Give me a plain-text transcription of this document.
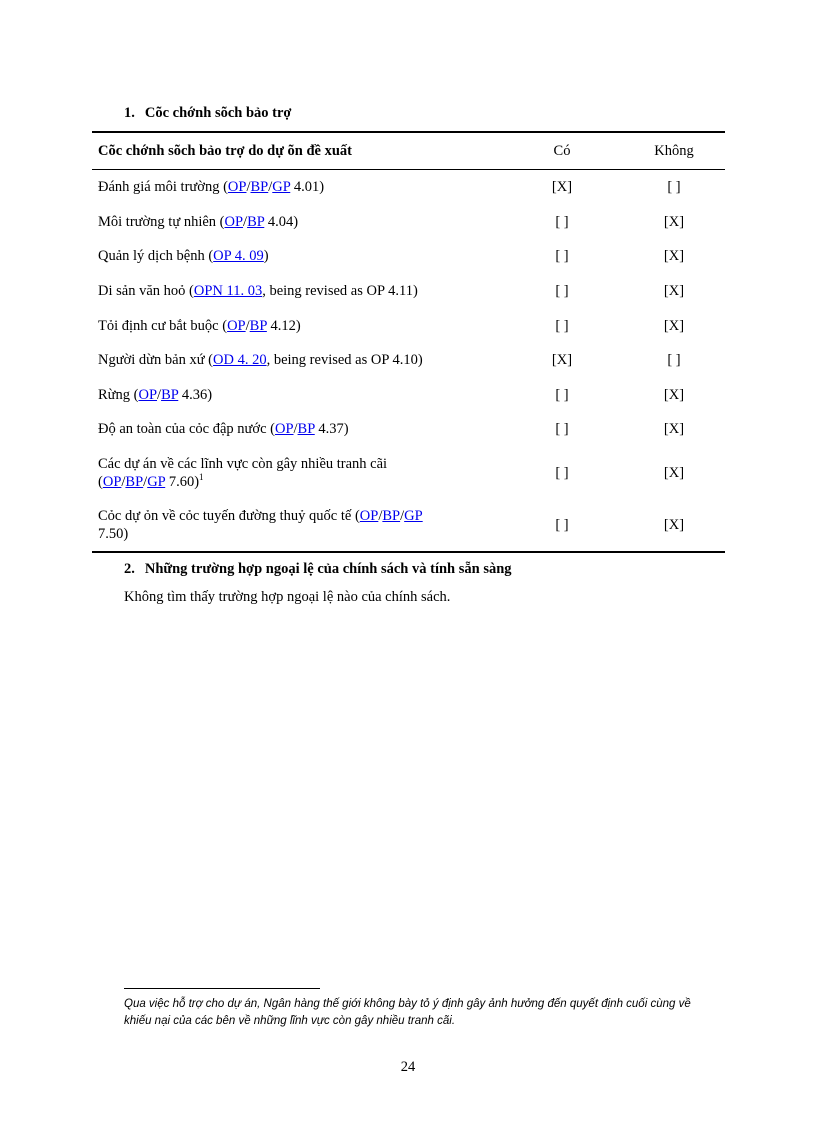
1. Cõc chớnh sõch bảo trợ
Cõc chớnh sõch bảo trợ do dự õn đề xuất	Có	Không
Đánh giá môi trường (OP/BP/GP 4.01)	[X]	[ ]
Môi trường tự nhiên (OP/BP 4.04)	[ ]	[X]
Quản lý dịch bệnh (OP 4. 09)	[ ]	[X]
Di sản văn hoỏ (OPN 11. 03, being revised as OP 4.11)	[ ]	[X]
Tỏi định cư bắt buộc (OP/BP 4.12)	[ ]	[X]
Người dừn bản xứ (OD 4. 20, being revised as OP 4.10)	[X]	[ ]
Rừng (OP/BP 4.36)	[ ]	[X]
Độ an toàn của cỏc đập nước (OP/BP 4.37)	[ ]	[X]
Các dự án về các lĩnh vực còn gây nhiều tranh cãi
(OP/BP/GP 7.60)$^1$	[ ]	[X]
Cỏc dự ỏn về cỏc tuyến đường thuỷ quốc tế (OP/BP/GP
7.50)	[ ]	[X]
2. Những trường hợp ngoại lệ của chính sách và tính sẵn sàng
Không tìm thấy trường hợp ngoại lệ nào của chính sách.
Qua việc hỗ trợ cho dự án, Ngân hàng thế giới không bày tỏ ý định gây ảnh hưởng đến quyết định cuối cùng về khiếu nại của các bên về những lĩnh vực còn gây nhiều tranh cãi.
24
